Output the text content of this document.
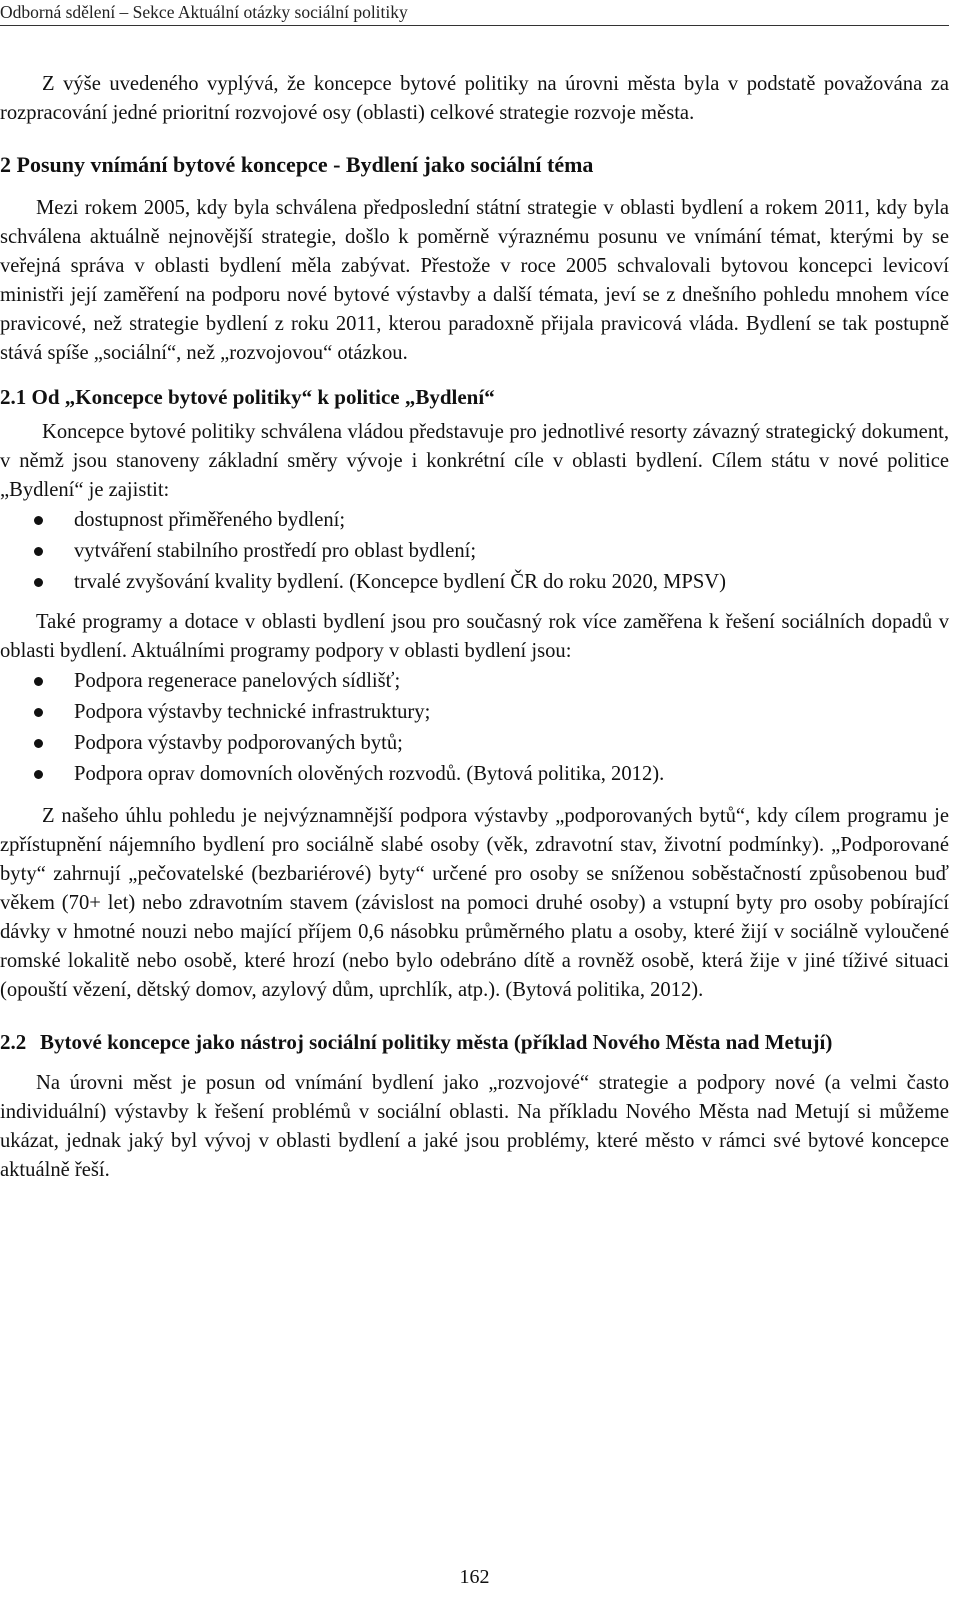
Odborná sdělení – Sekce Aktuální otázky sociální politiky

Z výše uvedeného vyplývá, že koncepce bytové politiky na úrovni města byla v podstatě považována za rozpracování jedné prioritní rozvojové osy (oblasti) celkové strategie rozvoje města.

2 Posuny vnímání bytové koncepce - Bydlení jako sociální téma

Mezi rokem 2005, kdy byla schválena předposlední státní strategie v oblasti bydlení a rokem 2011, kdy byla schválena aktuálně nejnovější strategie, došlo k poměrně výraznému posunu ve vnímání témat, kterými by se veřejná správa v oblasti bydlení měla zabývat. Přestože v roce 2005 schvalovali bytovou koncepci levicoví ministři její zaměření na podporu nové bytové výstavby a další témata, jeví se z dnešního pohledu mnohem více pravicové, než strategie bydlení z roku 2011, kterou paradoxně přijala pravicová vláda. Bydlení se tak postupně stává spíše „sociální“, než „rozvojovou“ otázkou.

2.1 Od „Koncepce bytové politiky“ k politice „Bydlení“

Koncepce bytové politiky schválena vládou představuje pro jednotlivé resorty závazný strategický dokument, v němž jsou stanoveny základní směry vývoje i konkrétní cíle v oblasti bydlení. Cílem státu v nové politice „Bydlení“ je zajistit:

dostupnost přiměřeného bydlení;
vytváření stabilního prostředí pro oblast bydlení;
trvalé zvyšování kvality bydlení. (Koncepce bydlení ČR do roku 2020, MPSV)

Také programy a dotace v oblasti bydlení jsou pro současný rok více zaměřena k řešení sociálních dopadů v oblasti bydlení. Aktuálními programy podpory v oblasti bydlení jsou:

Podpora regenerace panelových sídlišť;
Podpora výstavby technické infrastruktury;
Podpora výstavby podporovaných bytů;
Podpora oprav domovních olověných rozvodů. (Bytová politika, 2012).

Z našeho úhlu pohledu je nejvýznamnější podpora výstavby „podporovaných bytů“, kdy cílem programu je zpřístupnění nájemního bydlení pro sociálně slabé osoby (věk, zdravotní stav, životní podmínky). „Podporované byty“ zahrnují „pečovatelské (bezbariérové) byty“ určené pro osoby se sníženou soběstačností způsobenou buď věkem (70+ let) nebo zdravotním stavem (závislost na pomoci druhé osoby) a vstupní byty pro osoby pobírající dávky v hmotné nouzi nebo mající příjem 0,6 násobku průměrného platu a osoby, které žijí v sociálně vyloučené romské lokalitě nebo osobě, které hrozí (nebo bylo odebráno dítě a rovněž osobě, která žije v jiné tíživé situaci (opouští vězení, dětský domov, azylový dům, uprchlík, atp.). (Bytová politika, 2012).

2.2 Bytové koncepce jako nástroj sociální politiky města (příklad Nového Města nad Metují)

Na úrovni měst je posun od vnímání bydlení jako „rozvojové“ strategie a podpory nové (a velmi často individuální) výstavby k řešení problémů v sociální oblasti. Na příkladu Nového Města nad Metují si můžeme ukázat, jednak jaký byl vývoj v oblasti bydlení a jaké jsou problémy, které město v rámci své bytové koncepce aktuálně řeší.

162
